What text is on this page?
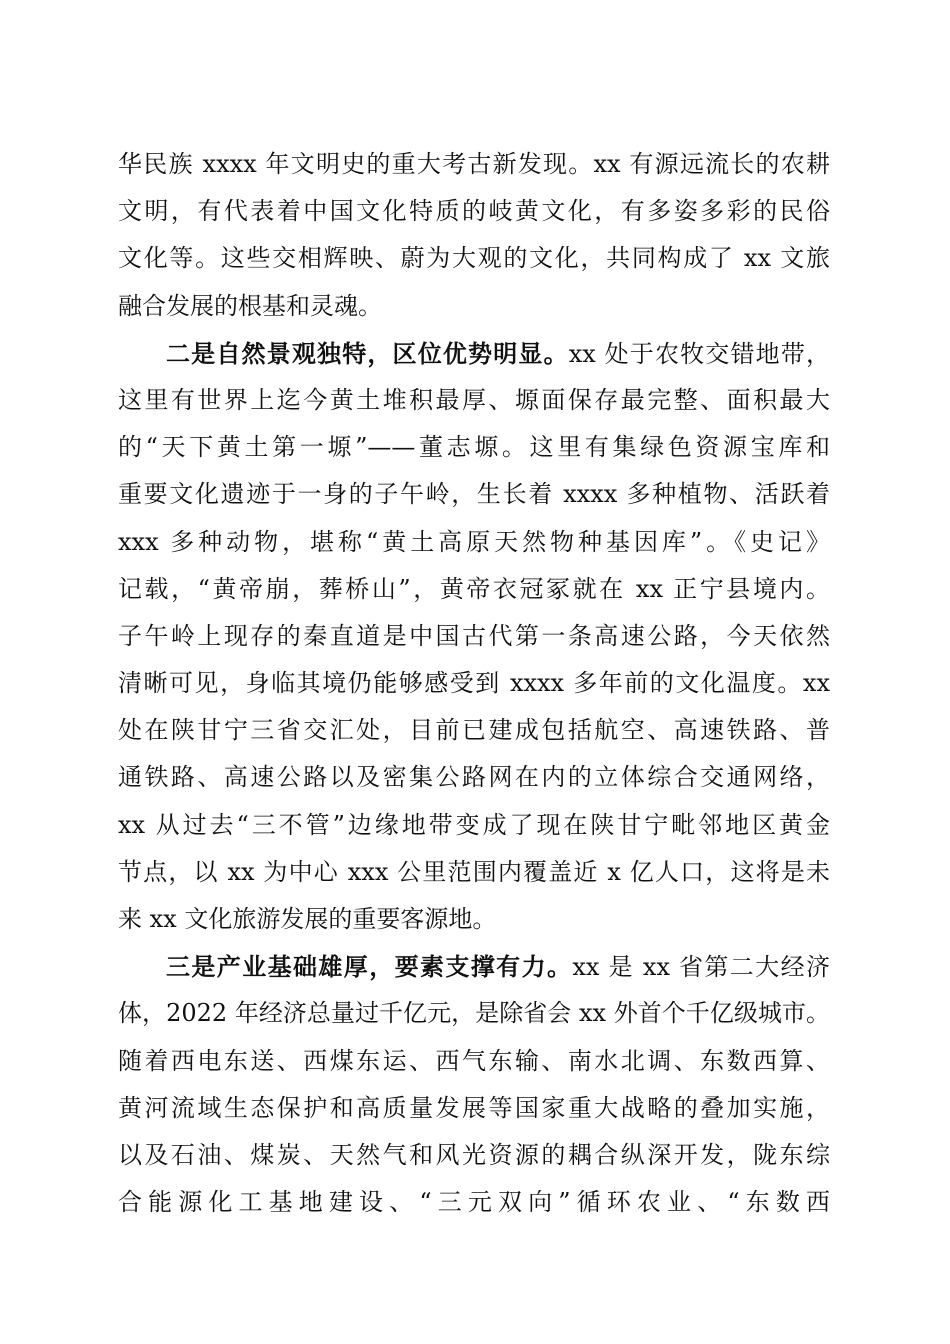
华民族 xxxx 年文明史的重大考古新发现。xx 有源远流长的农耕
文明，有代表着中国文化特质的岐黄文化，有多姿多彩的民俗
文化等。这些交相辉映、蔚为大观的文化，共同构成了 xx 文旅
融合发展的根基和灵魂。
二是自然景观独特，区位优势明显。xx 处于农牧交错地带，
这里有世界上迄今黄土堆积最厚、塬面保存最完整、面积最大
的“天下黄土第一塬”——董志塬。这里有集绿色资源宝库和
重要文化遗迹于一身的子午岭，生长着 xxxx 多种植物、活跃着
xxx 多种动物，堪称“黄土高原天然物种基因库”。《史记》
记载，“黄帝崩，葬桥山”，黄帝衣冠冢就在 xx 正宁县境内。
子午岭上现存的秦直道是中国古代第一条高速公路，今天依然
清晰可见，身临其境仍能够感受到 xxxx 多年前的文化温度。xx
处在陕甘宁三省交汇处，目前已建成包括航空、高速铁路、普
通铁路、高速公路以及密集公路网在内的立体综合交通网络，
xx 从过去“三不管”边缘地带变成了现在陕甘宁毗邻地区黄金
节点，以 xx 为中心 xxx 公里范围内覆盖近 x 亿人口，这将是未
来 xx 文化旅游发展的重要客源地。
三是产业基础雄厚，要素支撑有力。xx 是 xx 省第二大经济
体，2022 年经济总量过千亿元，是除省会 xx 外首个千亿级城市。
随着西电东送、西煤东运、西气东输、南水北调、东数西算、
黄河流域生态保护和高质量发展等国家重大战略的叠加实施，
以及石油、煤炭、天然气和风光资源的耦合纵深开发，陇东综
合能源化工基地建设、“三元双向”循环农业、“东数西
